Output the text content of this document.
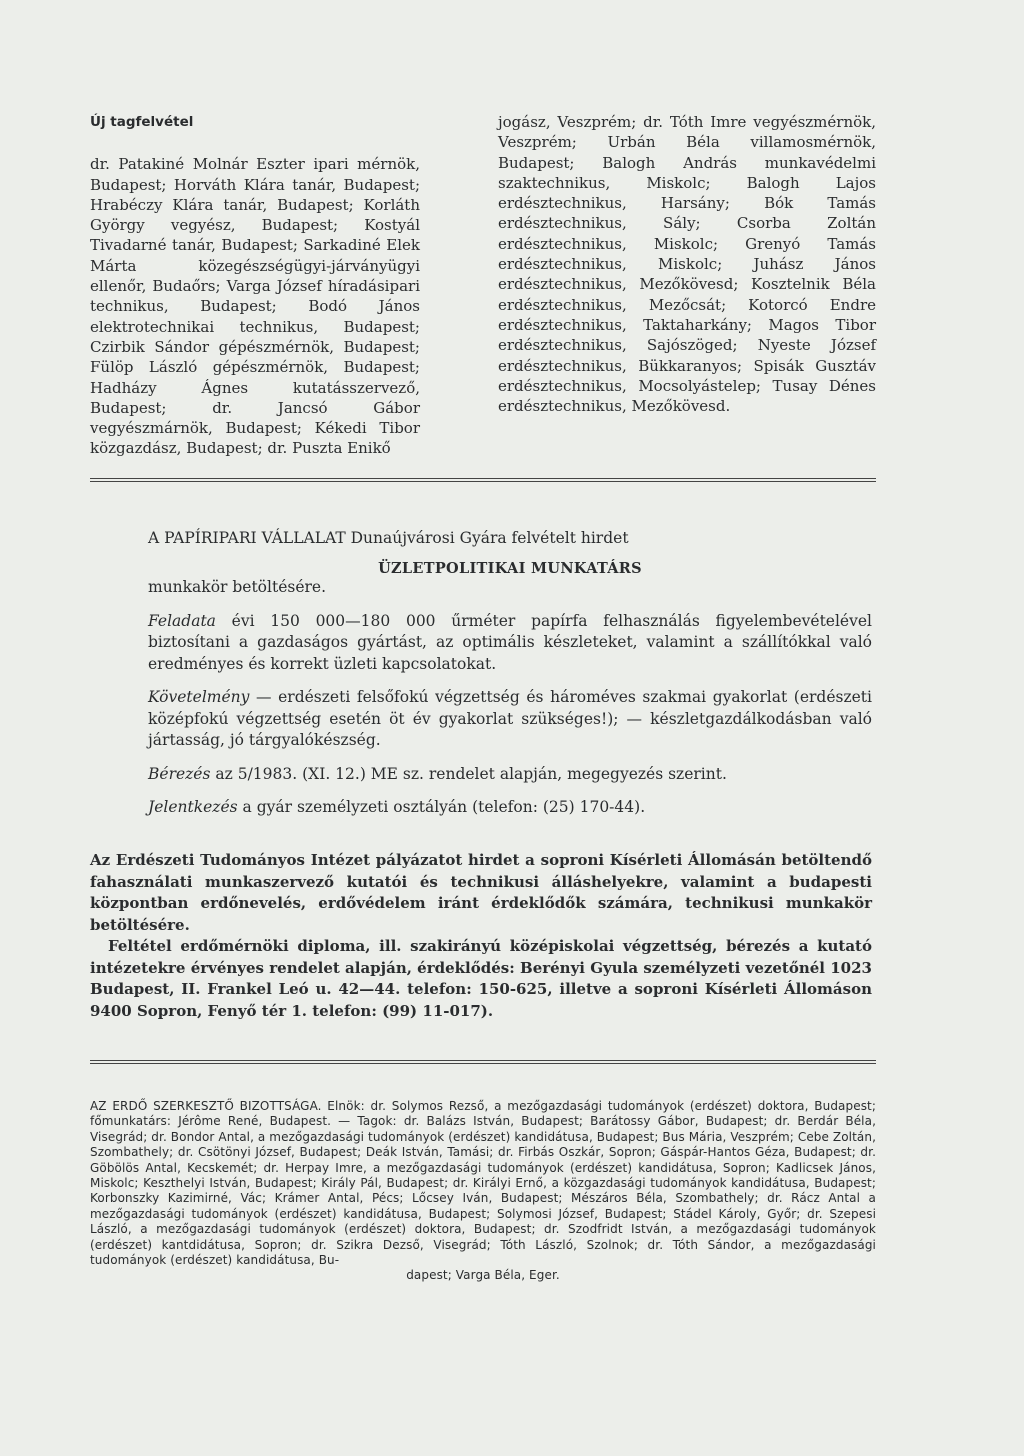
Új tagfelvétel

dr. Patakiné Molnár Eszter ipari mérnök, Budapest; Horváth Klára tanár, Budapest; Hrabéczy Klára tanár, Budapest; Korláth György vegyész, Budapest; Kostyál Tivadarné tanár, Budapest; Sarkadiné Elek Márta közegészségügyi-járványügyi ellenőr, Budaőrs; Varga József híradásipari technikus, Budapest; Bodó János elektrotechnikai technikus, Budapest; Czirbik Sándor gépészmérnök, Budapest; Fülöp László gépészmérnök, Budapest; Hadházy Ágnes kutatásszervező, Budapest; dr. Jancsó Gábor vegyészmárnök, Budapest; Kékedi Tibor közgazdász, Budapest; dr. Puszta Enikő

jogász, Veszprém; dr. Tóth Imre vegyészmérnök, Veszprém; Urbán Béla villamosmérnök, Budapest; Balogh András munkavédelmi szaktechnikus, Miskolc; Balogh Lajos erdésztechnikus, Harsány; Bók Tamás erdésztechnikus, Sály; Csorba Zoltán erdésztechnikus, Miskolc; Grenyó Tamás erdésztechnikus, Miskolc; Juhász János erdésztechnikus, Mezőkövesd; Kosztelnik Béla erdésztechnikus, Mezőcsát; Kotorcó Endre erdésztechnikus, Taktaharkány; Magos Tibor erdésztechnikus, Sajószöged; Nyeste József erdésztechnikus, Bükkaranyos; Spisák Gusztáv erdésztechnikus, Mocsolyástelep; Tusay Dénes erdésztechnikus, Mezőkövesd.

A PAPÍRIPARI VÁLLALAT Dunaújvárosi Gyára felvételt hirdet

ÜZLETPOLITIKAI MUNKATÁRS

munkakör betöltésére.

Feladata évi 150 000—180 000 űrméter papírfa felhasználás figyelembevételével biztosítani a gazdaságos gyártást, az optimális készleteket, valamint a szállítókkal való eredményes és korrekt üzleti kapcsolatokat.

Követelmény — erdészeti felsőfokú végzettség és hároméves szakmai gyakorlat (erdészeti középfokú végzettség esetén öt év gyakorlat szükséges!); — készletgazdálkodásban való jártasság, jó tárgyalókészség.

Bérezés az 5/1983. (XI. 12.) ME sz. rendelet alapján, megegyezés szerint.

Jelentkezés a gyár személyzeti osztályán (telefon: (25) 170-44).

Az Erdészeti Tudományos Intézet pályázatot hirdet a soproni Kísérleti Állomásán betöltendő fahasználati munkaszervező kutatói és technikusi álláshelyekre, valamint a budapesti központban erdőnevelés, erdővédelem iránt érdeklődők számára, technikusi munkakör betöltésére.

Feltétel erdőmérnöki diploma, ill. szakirányú középiskolai végzettség, bérezés a kutató intézetekre érvényes rendelet alapján, érdeklődés: Berényi Gyula személyzeti vezetőnél 1023 Budapest, II. Frankel Leó u. 42—44. telefon: 150-625, illetve a soproni Kísérleti Állomáson 9400 Sopron, Fenyő tér 1. telefon: (99) 11-017).

AZ ERDŐ SZERKESZTŐ BIZOTTSÁGA. Elnök: dr. Solymos Rezső, a mezőgazdasági tudományok (erdészet) doktora, Budapest; főmunkatárs: Jérôme René, Budapest. — Tagok: dr. Balázs István, Budapest; Barátossy Gábor, Budapest; dr. Berdár Béla, Visegrád; dr. Bondor Antal, a mezőgazdasági tudományok (erdészet) kandidátusa, Budapest; Bus Mária, Veszprém; Cebe Zoltán, Szombathely; dr. Csötönyi József, Budapest; Deák István, Tamási; dr. Firbás Oszkár, Sopron; Gáspár-Hantos Géza, Budapest; dr. Göbölös Antal, Kecskemét; dr. Herpay Imre, a mezőgazdasági tudományok (erdészet) kandidátusa, Sopron; Kadlicsek János, Miskolc; Keszthelyi István, Budapest; Király Pál, Budapest; dr. Királyi Ernő, a közgazdasági tudományok kandidátusa, Budapest; Korbonszky Kazimirné, Vác; Krámer Antal, Pécs; Lőcsey Iván, Budapest; Mészáros Béla, Szombathely; dr. Rácz Antal a mezőgazdasági tudományok (erdészet) kandidátusa, Budapest; Solymosi József, Budapest; Stádel Károly, Győr; dr. Szepesi László, a mezőgazdasági tudományok (erdészet) doktora, Budapest; dr. Szodfridt István, a mezőgazdasági tudományok (erdészet) kantdidátusa, Sopron; dr. Szikra Dezső, Visegrád; Tóth László, Szolnok; dr. Tóth Sándor, a mezőgazdasági tudományok (erdészet) kandidátusa, Bu-

dapest; Varga Béla, Eger.
